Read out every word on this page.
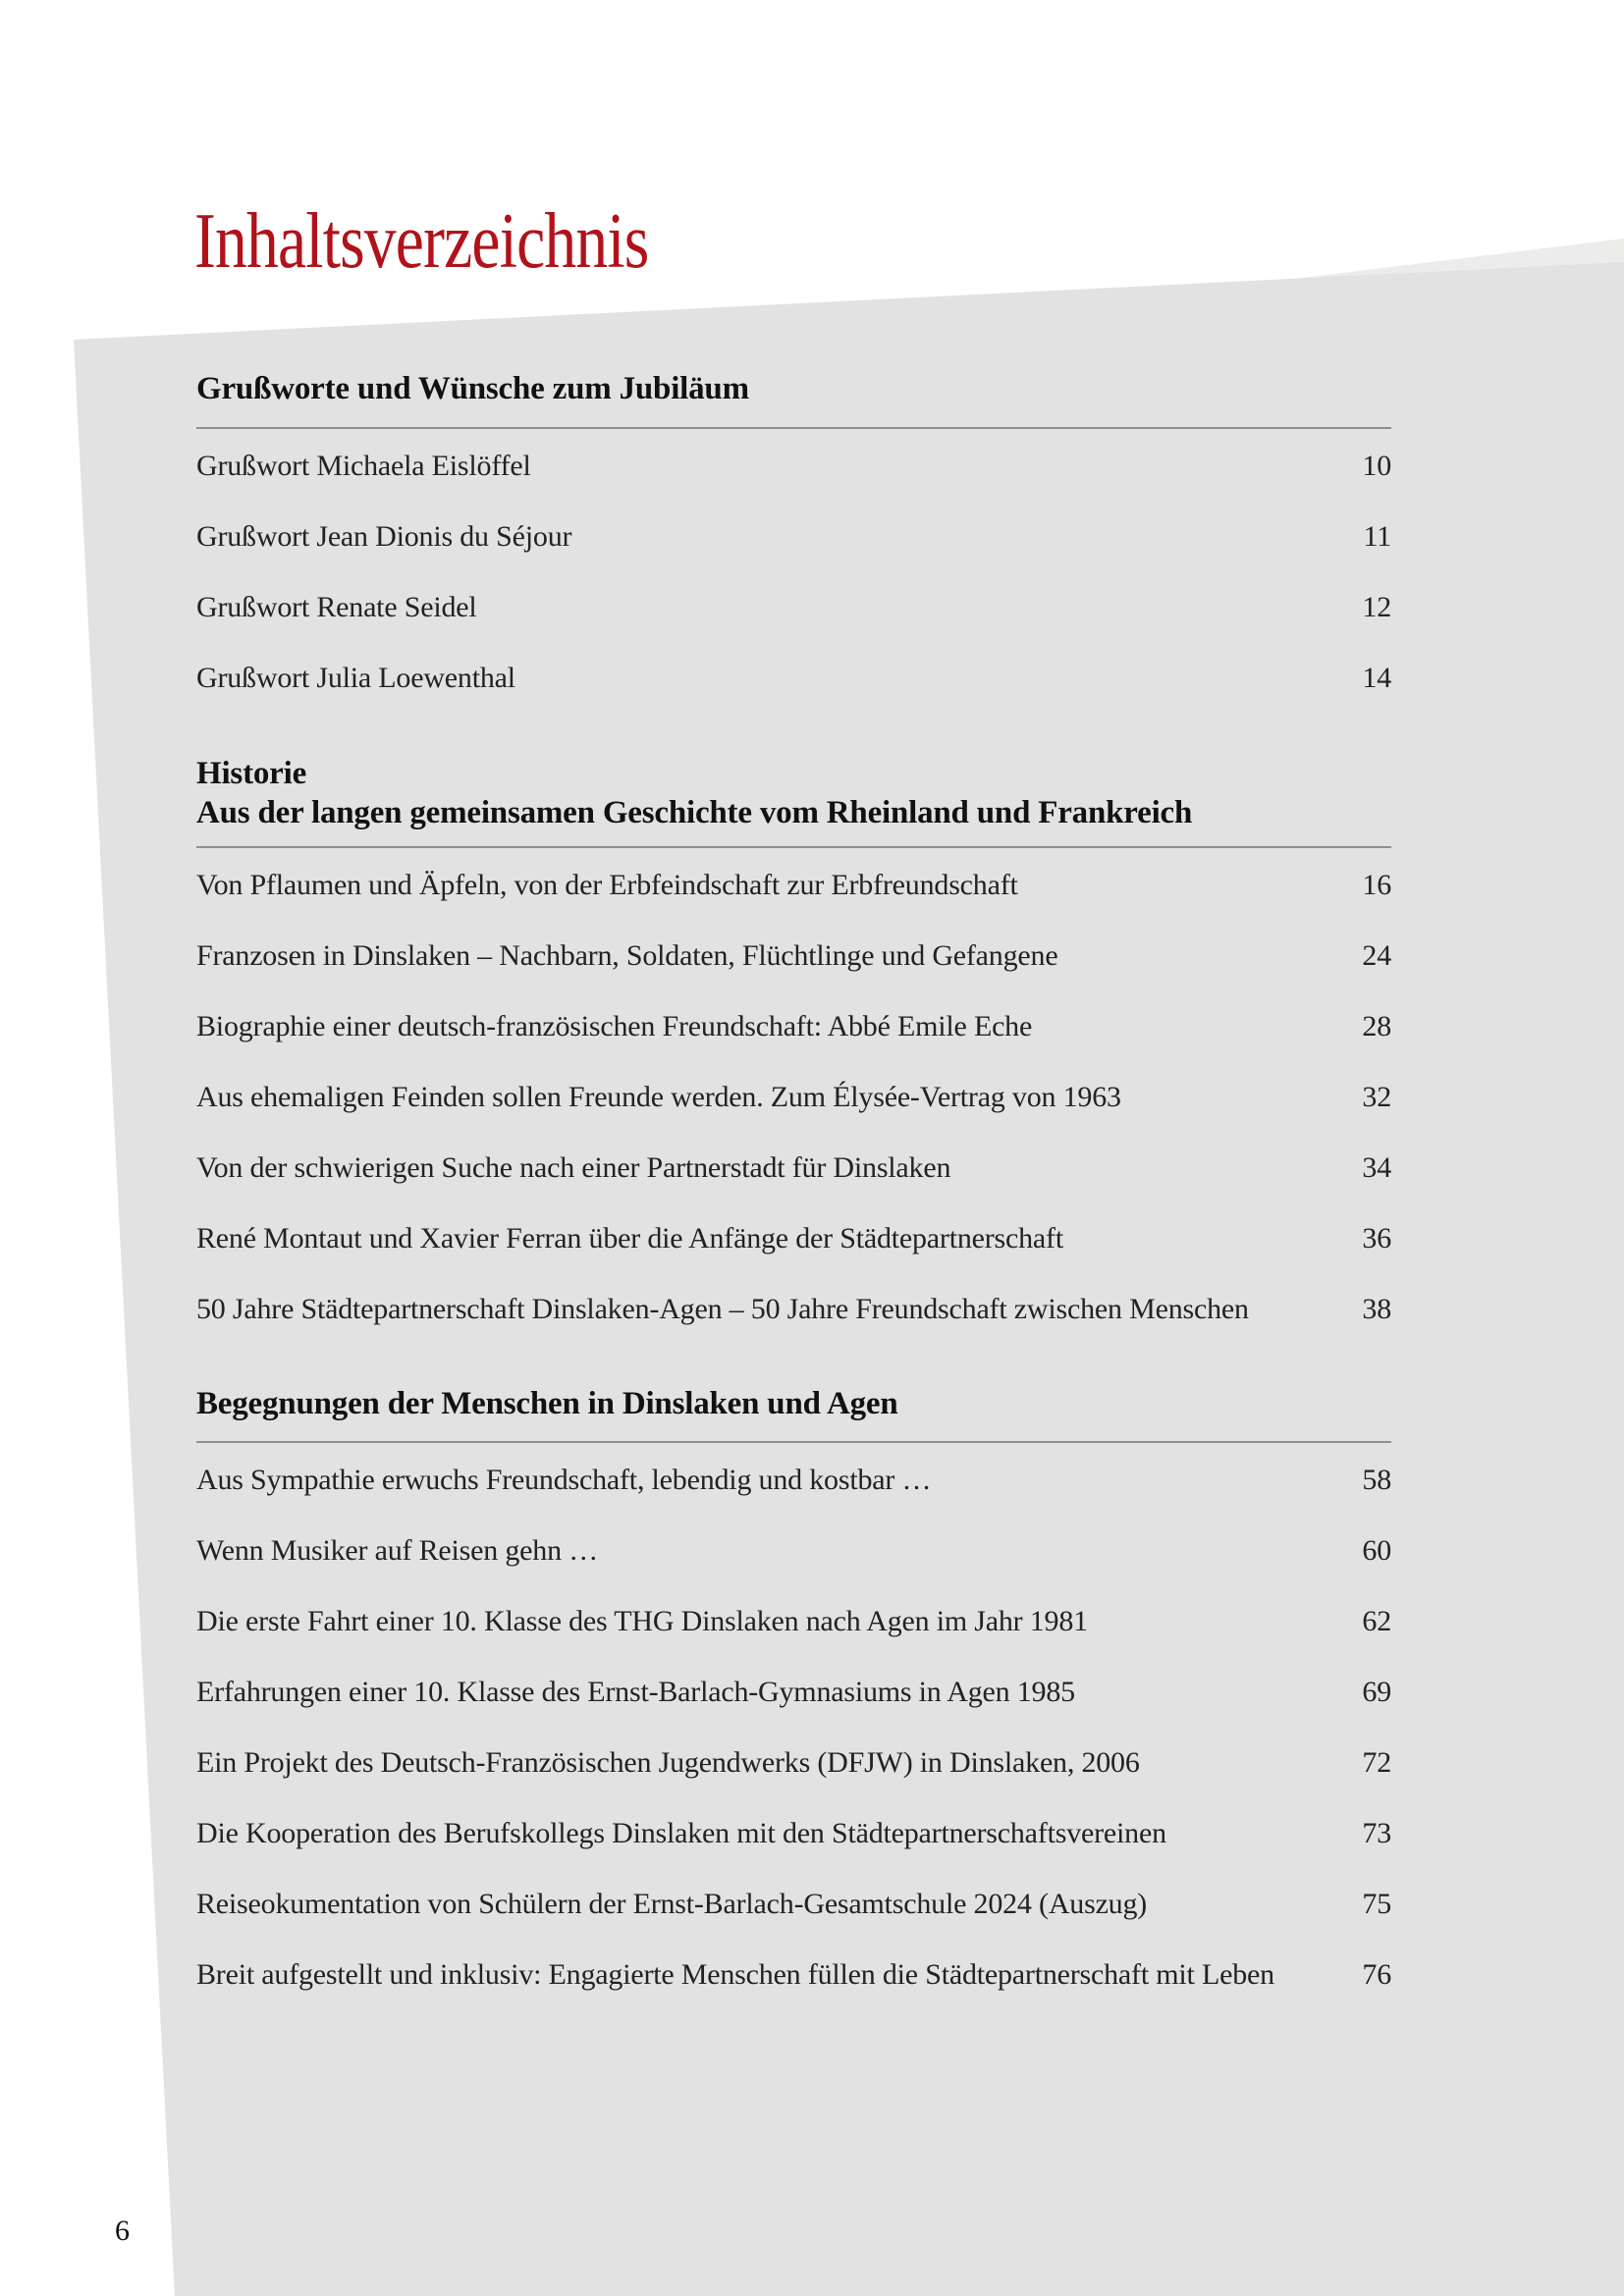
Inhaltsverzeichnis
Grußworte und Wünsche zum Jubiläum
Grußwort Michaela Eislöffel	10
Grußwort Jean Dionis du Séjour	11
Grußwort Renate Seidel	12
Grußwort Julia Loewenthal	14
Historie
Aus der langen gemeinsamen Geschichte vom Rheinland und Frankreich
Von Pflaumen und Äpfeln, von der Erbfeindschaft zur Erbfreundschaft	16
Franzosen in Dinslaken – Nachbarn, Soldaten, Flüchtlinge und Gefangene	24
Biographie einer deutsch-französischen Freundschaft: Abbé Emile Eche	28
Aus ehemaligen Feinden sollen Freunde werden. Zum Élysée-Vertrag von 1963	32
Von der schwierigen Suche nach einer Partnerstadt für Dinslaken	34
René Montaut und Xavier Ferran über die Anfänge der Städtepartnerschaft	36
50 Jahre Städtepartnerschaft Dinslaken-Agen – 50 Jahre Freundschaft zwischen Menschen	38
Begegnungen der Menschen in Dinslaken und Agen
Aus Sympathie erwuchs Freundschaft, lebendig und kostbar …	58
Wenn Musiker auf Reisen gehn …	60
Die erste Fahrt einer 10. Klasse des THG Dinslaken nach Agen im Jahr 1981	62
Erfahrungen einer 10. Klasse des Ernst-Barlach-Gymnasiums in Agen 1985	69
Ein Projekt des Deutsch-Französischen Jugendwerks (DFJW) in Dinslaken, 2006	72
Die Kooperation des Berufskollegs Dinslaken mit den Städtepartnerschaftsvereinen	73
Reiseokumentation von Schülern der Ernst-Barlach-Gesamtschule 2024 (Auszug)	75
Breit aufgestellt und inklusiv: Engagierte Menschen füllen die Städtepartnerschaft mit Leben	76
6
